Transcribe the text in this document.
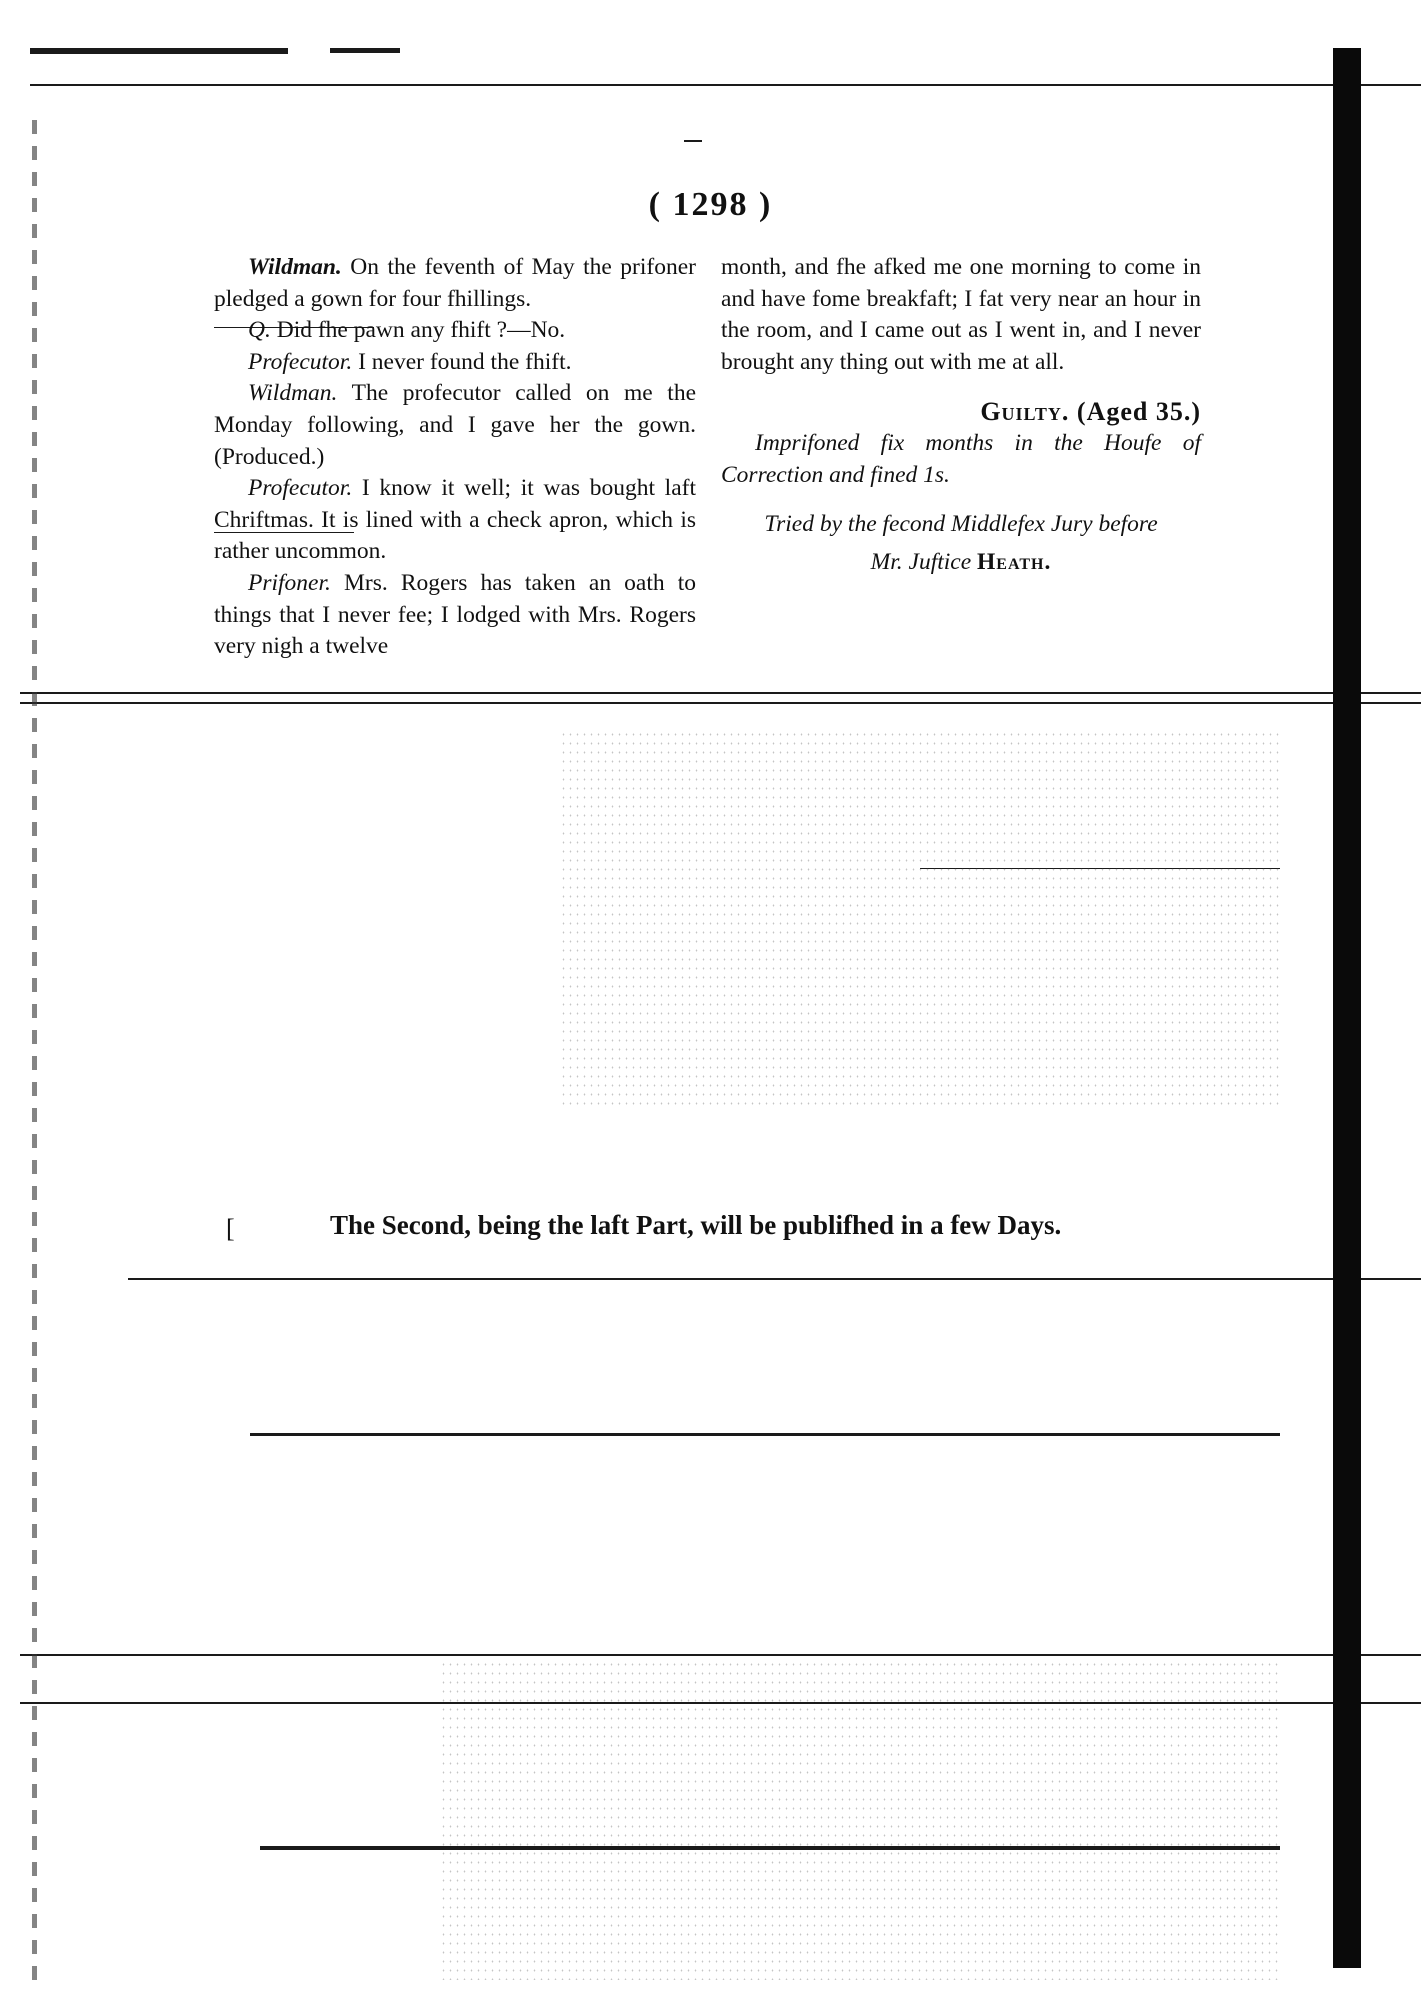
( 1298 )

Wildman. On the feventh of May the prifoner pledged a gown for four fhillings.

Q. Did fhe pawn any fhift ?—No.

Profecutor. I never found the fhift.

Wildman. The profecutor called on me the Monday following, and I gave her the gown. (Produced.)

Profecutor. I know it well; it was bought laft Chriftmas. It is lined with a check apron, which is rather uncommon.

Prifoner. Mrs. Rogers has taken an oath to things that I never fee; I lodged with Mrs. Rogers very nigh a twelve

month, and fhe afked me one morning to come in and have fome breakfaft; I fat very near an hour in the room, and I came out as I went in, and I never brought any thing out with me at all.

Guilty. (Aged 35.)

Imprifoned fix months in the Houfe of Correction and fined 1s.

Tried by the fecond Middlefex Jury before
Mr. Juftice Heath.
[	The Second, being the laft Part, will be publifhed in a few Days.
